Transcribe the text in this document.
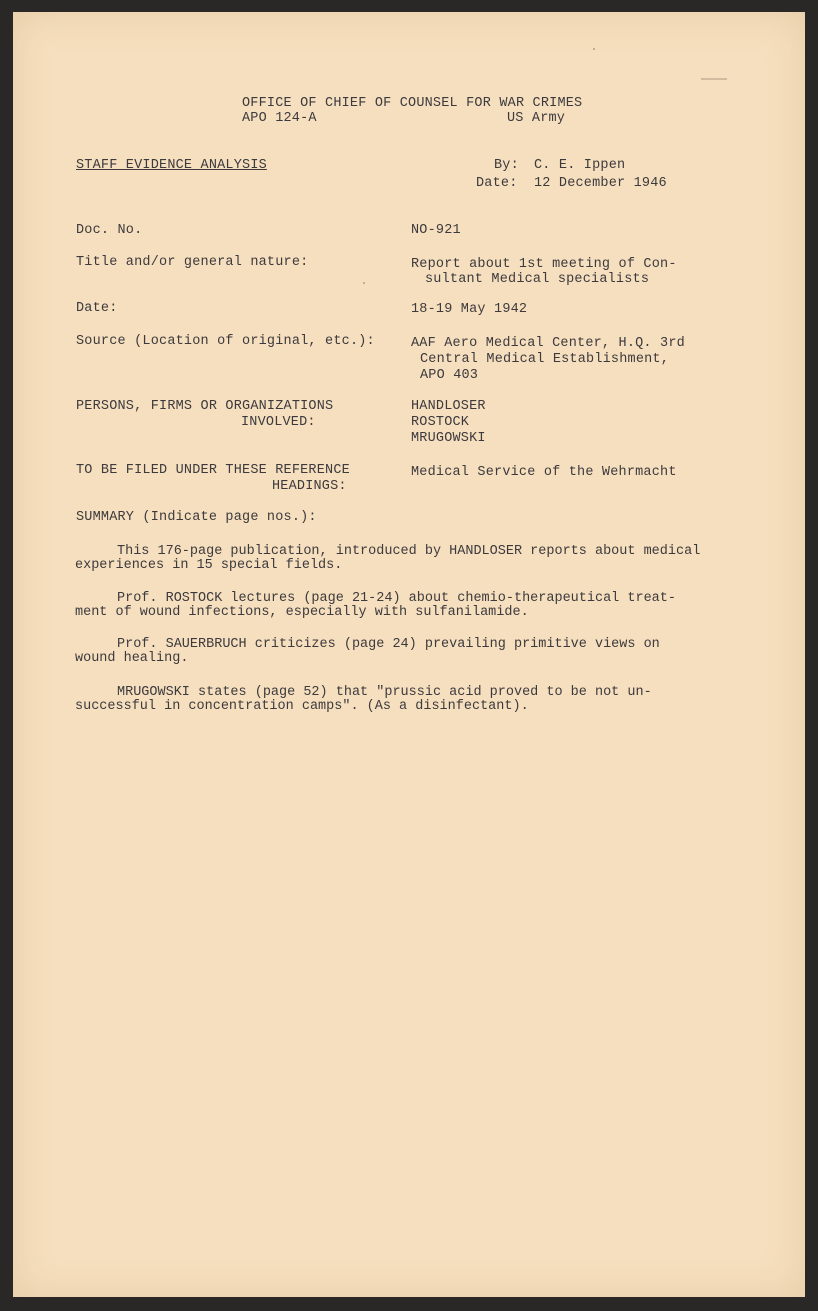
OFFICE OF CHIEF OF COUNSEL FOR WAR CRIMES
APO 124-A	US Army
STAFF EVIDENCE ANALYSIS	By: C. E. Ippen
Date: 12 December 1946
Doc. No.	NO-921
Title and/or general nature:	Report about 1st meeting of Con-
sultant Medical specialists
Date:	18-19 May 1942
Source (Location of original, etc.):	AAF Aero Medical Center, H.Q. 3rd
Central Medical Establishment,
APO 403
PERSONS, FIRMS OR ORGANIZATIONS
INVOLVED:
HANDLOSER
ROSTOCK
MRUGOWSKI
TO BE FILED UNDER THESE REFERENCE
HEADINGS:
Medical Service of the Wehrmacht
SUMMARY (Indicate page nos.):
This 176-page publication, introduced by HANDLOSER reports about medical
experiences in 15 special fields.
Prof. ROSTOCK lectures (page 21-24) about chemio-therapeutical treat-
ment of wound infections, especially with sulfanilamide.
Prof. SAUERBRUCH criticizes (page 24) prevailing primitive views on
wound healing.
MRUGOWSKI states (page 52) that "prussic acid proved to be not un-
successful in concentration camps". (As a disinfectant).
